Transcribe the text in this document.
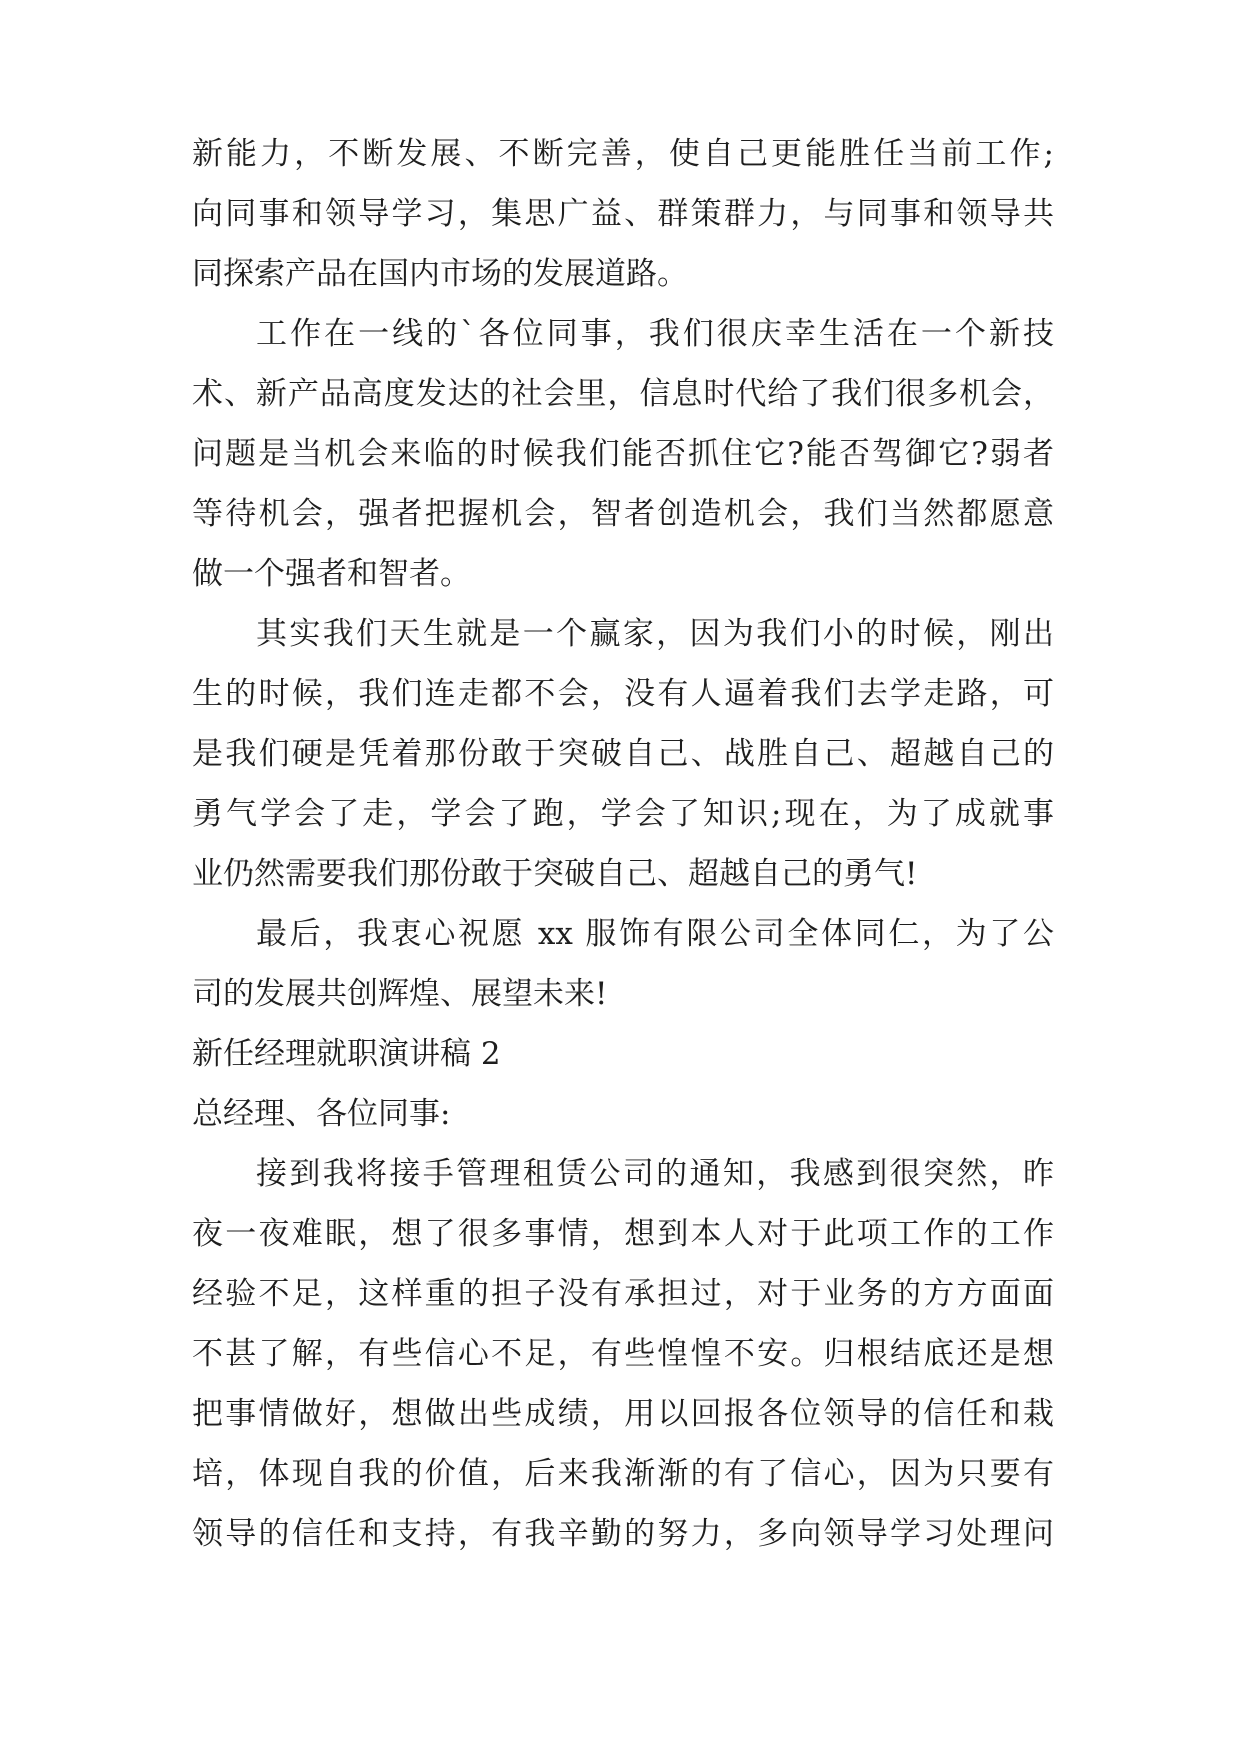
新能力，不断发展、不断完善，使自己更能胜任当前工作;
向同事和领导学习，集思广益、群策群力，与同事和领导共
同探索产品在国内市场的发展道路。
工作在一线的`各位同事，我们很庆幸生活在一个新技
术、新产品高度发达的社会里，信息时代给了我们很多机会，
问题是当机会来临的时候我们能否抓住它?能否驾御它?弱者
等待机会，强者把握机会，智者创造机会，我们当然都愿意
做一个强者和智者。
其实我们天生就是一个赢家，因为我们小的时候，刚出
生的时候，我们连走都不会，没有人逼着我们去学走路，可
是我们硬是凭着那份敢于突破自己、战胜自己、超越自己的
勇气学会了走，学会了跑，学会了知识;现在，为了成就事
业仍然需要我们那份敢于突破自己、超越自己的勇气!
最后，我衷心祝愿 xx 服饰有限公司全体同仁，为了公
司的发展共创辉煌、展望未来!
新任经理就职演讲稿 2
总经理、各位同事:
接到我将接手管理租赁公司的通知，我感到很突然，昨
夜一夜难眠，想了很多事情，想到本人对于此项工作的工作
经验不足，这样重的担子没有承担过，对于业务的方方面面
不甚了解，有些信心不足，有些惶惶不安。归根结底还是想
把事情做好，想做出些成绩，用以回报各位领导的信任和栽
培，体现自我的价值，后来我渐渐的有了信心，因为只要有
领导的信任和支持，有我辛勤的努力，多向领导学习处理问
